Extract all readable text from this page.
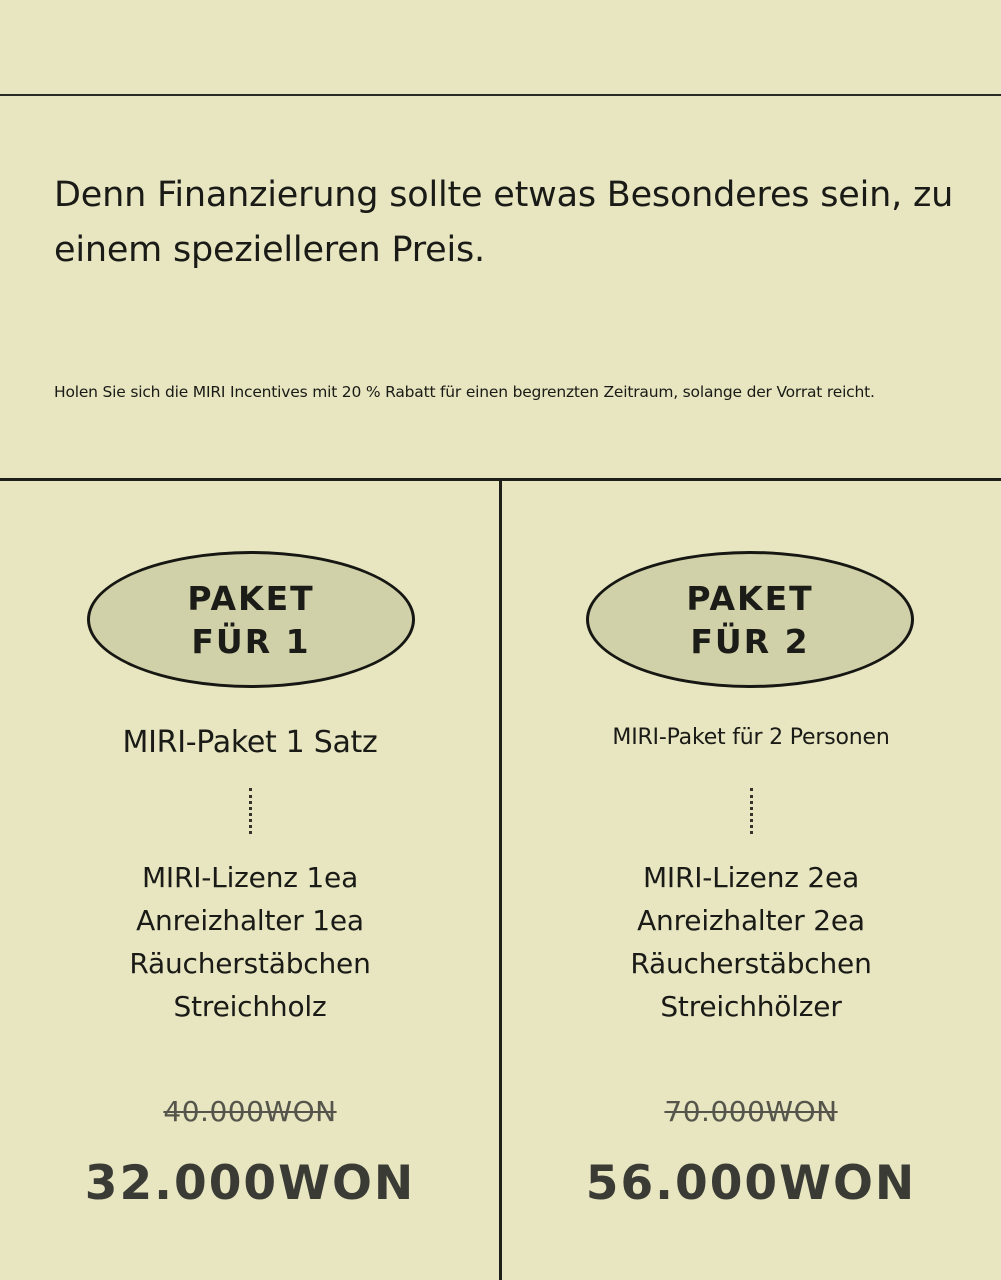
Denn Finanzierung sollte etwas Besonderes sein, zu einem spezielleren Preis.

Holen Sie sich die MIRI Incentives mit 20 % Rabatt für einen begrenzten Zeitraum, solange der Vorrat reicht.

PAKET
FÜR 1
MIRI-Paket 1 Satz
MIRI-Lizenz 1ea
Anreizhalter 1ea
Räucherstäbchen
Streichholz
40.000WON
32.000WON
PAKET
FÜR 2
MIRI-Paket für 2 Personen
MIRI-Lizenz 2ea
Anreizhalter 2ea
Räucherstäbchen
Streichhölzer
70.000WON
56.000WON
